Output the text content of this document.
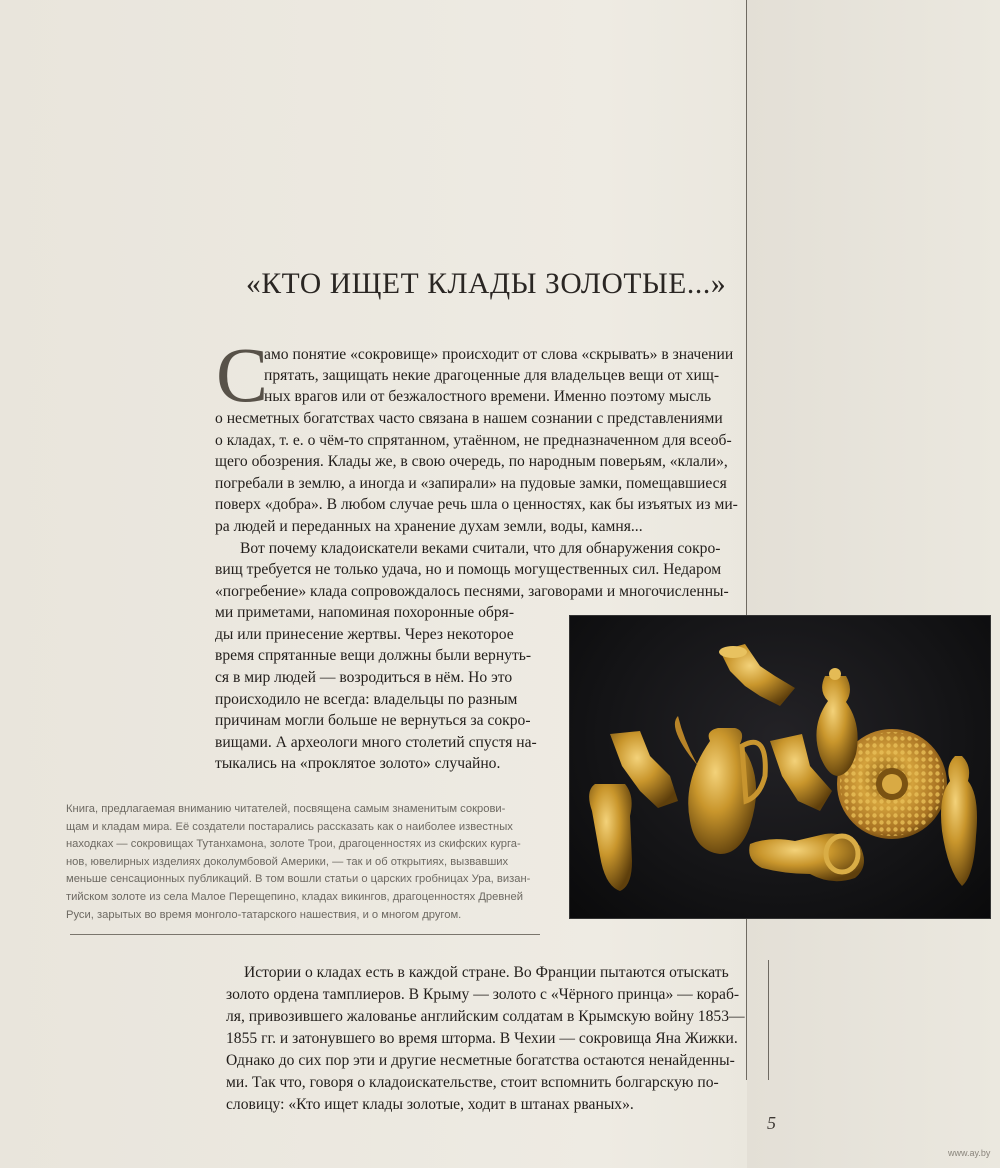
«КТО ИЩЕТ КЛАДЫ ЗОЛОТЫЕ...»
С
амо понятие «сокровище» происходит от слова «скрывать» в значении
прятать, защищать некие драгоценные для владельцев вещи от хищ-
ных врагов или от безжалостного времени. Именно поэтому мысль
о несметных богатствах часто связана в нашем сознании с представлениями
о кладах, т. е. о чём-то спрятанном, утаённом, не предназначенном для всеоб-
щего обозрения. Клады же, в свою очередь, по народным поверьям, «клали»,
погребали в землю, а иногда и «запирали» на пудовые замки, помещавшиеся
поверх «добра». В любом случае речь шла о ценностях, как бы изъятых из ми-
ра людей и переданных на хранение духам земли, воды, камня...
Вот почему кладоискатели веками считали, что для обнаружения сокро-
вищ требуется не только удача, но и помощь могущественных сил. Недаром
«погребение» клада сопровождалось песнями, заговорами и многочисленны-
ми приметами, напоминая похоронные обря-
ды или принесение жертвы. Через некоторое
время спрятанные вещи должны были вернуть-
ся в мир людей — возродиться в нём. Но это
происходило не всегда: владельцы по разным
причинам могли больше не вернуться за сокро-
вищами. А археологи много столетий спустя на-
тыкались на «проклятое золото» случайно.
Книга, предлагаемая вниманию читателей, посвящена самым знаменитым сокрови-
щам и кладам мира. Её создатели постарались рассказать как о наиболее известных
находках — сокровищах Тутанхамона, золоте Трои, драгоценностях из скифских курга-
нов, ювелирных изделиях доколумбовой Америки, — так и об открытиях, вызвавших
меньше сенсационных публикаций. В том вошли статьи о царских гробницах Ура, визан-
тийском золоте из села Малое Перещепино, кладах викингов, драгоценностях Древней
Руси, зарытых во время монголо-татарского нашествия, и о многом другом.
Истории о кладах есть в каждой стране. Во Франции пытаются отыскать
золото ордена тамплиеров. В Крыму — золото с «Чёрного принца» — кораб-
ля, привозившего жалованье английским солдатам в Крымскую войну 1853—
1855 гг. и затонувшего во время шторма. В Чехии — сокровища Яна Жижки.
Однако до сих пор эти и другие несметные богатства остаются ненайденны-
ми. Так что, говоря о кладоискательстве, стоит вспомнить болгарскую по-
словицу: «Кто ищет клады золотые, ходит в штанах рваных».
5
www.ay.by
